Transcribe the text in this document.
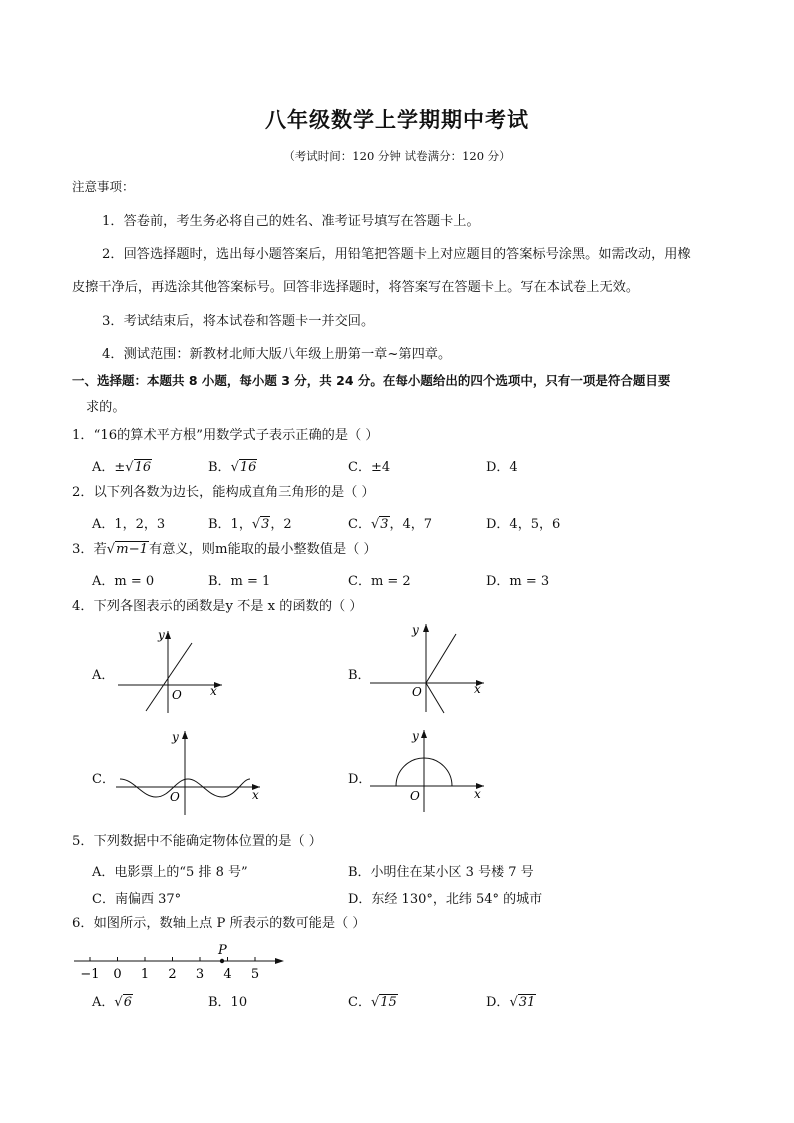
八年级数学上学期期中考试
（考试时间：120 分钟 试卷满分：120 分）
注意事项：
1．答卷前，考生务必将自己的姓名、准考证号填写在答题卡上。
2．回答选择题时，选出每小题答案后，用铅笔把答题卡上对应题目的答案标号涂黑。如需改动，用橡
皮擦干净后，再选涂其他答案标号。回答非选择题时，将答案写在答题卡上。写在本试卷上无效。
3．考试结束后，将本试卷和答题卡一并交回。
4．测试范围：新教材北师大版八年级上册第一章~第四章。
一、选择题：本题共 8 小题，每小题 3 分，共 24 分。在每小题给出的四个选项中，只有一项是符合题目要
求的。
1．“16的算术平方根”用数学式子表示正确的是（ ）
A．±√16	B．√16	C．±4	D．4
2．以下列各数为边长，能构成直角三角形的是（ ）
A．1，2，3	B．1，√3，2	C．√3，4，7	D．4，5，6
3．若√m−1有意义，则m能取的最小整数值是（ ）
A．m = 0	B．m = 1	C．m = 2	D．m = 3
4．下列各图表示的函数是y 不是 x 的函数的（ ）
A．
O x
y
B．
O	x
y
C．
O	x
y
D．
O	x
y
5．下列数据中不能确定物体位置的是（ ）
A．电影票上的“5 排 8 号”	B．小明住在某小区 3 号楼 7 号
C．南偏西 37°	D．东经 130°，北纬 54° 的城市
6．如图所示，数轴上点 P 所表示的数可能是（ ）
−1 0 1 2 3 4 5
P
A．√6	B．10	C．√15	D．√31
